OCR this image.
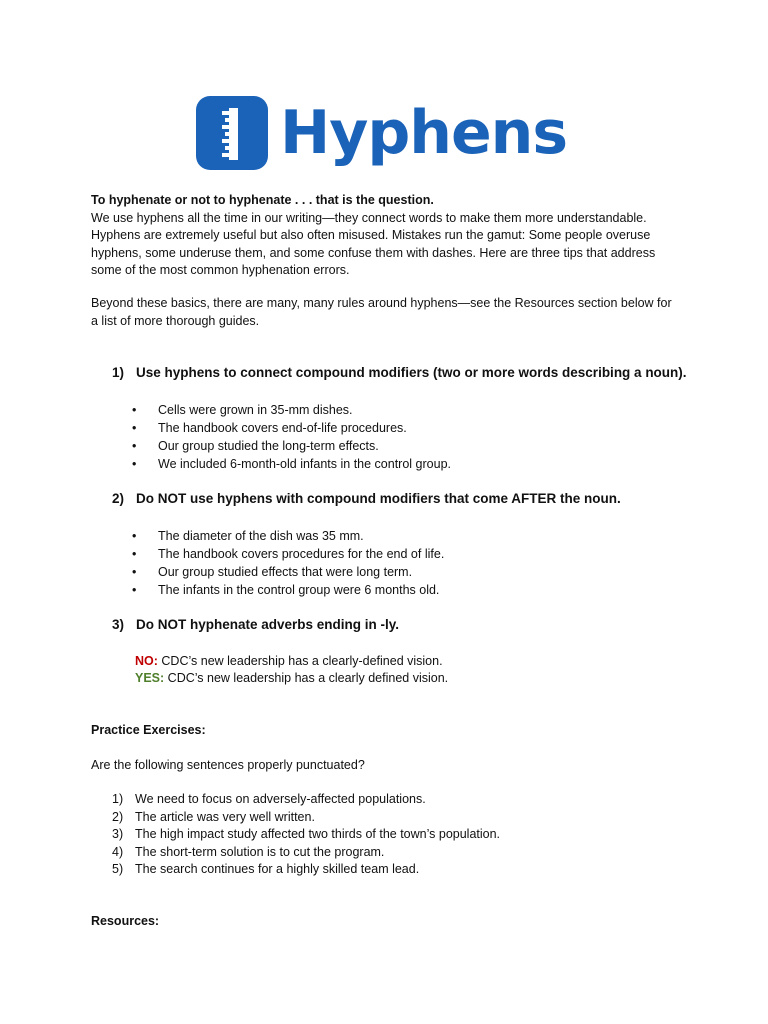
Hyphens
To hyphenate or not to hyphenate . . . that is the question.
We use hyphens all the time in our writing—they connect words to make them more understandable.
Hyphens are extremely useful but also often misused. Mistakes run the gamut: Some people overuse
hyphens, some underuse them, and some confuse them with dashes. Here are three tips that address
some of the most common hyphenation errors.
Beyond these basics, there are many, many rules around hyphens—see the Resources section below for
a list of more thorough guides.
1) Use hyphens to connect compound modifiers (two or more words describing a noun).
• Cells were grown in 35-mm dishes.
• The handbook covers end-of-life procedures.
• Our group studied the long-term effects.
• We included 6-month-old infants in the control group.
2) Do NOT use hyphens with compound modifiers that come AFTER the noun.
• The diameter of the dish was 35 mm.
• The handbook covers procedures for the end of life.
• Our group studied effects that were long term.
• The infants in the control group were 6 months old.
3) Do NOT hyphenate adverbs ending in -ly.
NO: CDC’s new leadership has a clearly-defined vision.
YES: CDC’s new leadership has a clearly defined vision.
Practice Exercises:
Are the following sentences properly punctuated?
1) We need to focus on adversely-affected populations.
2) The article was very well written.
3) The high impact study affected two thirds of the town’s population.
4) The short-term solution is to cut the program.
5) The search continues for a highly skilled team lead.
Resources:
